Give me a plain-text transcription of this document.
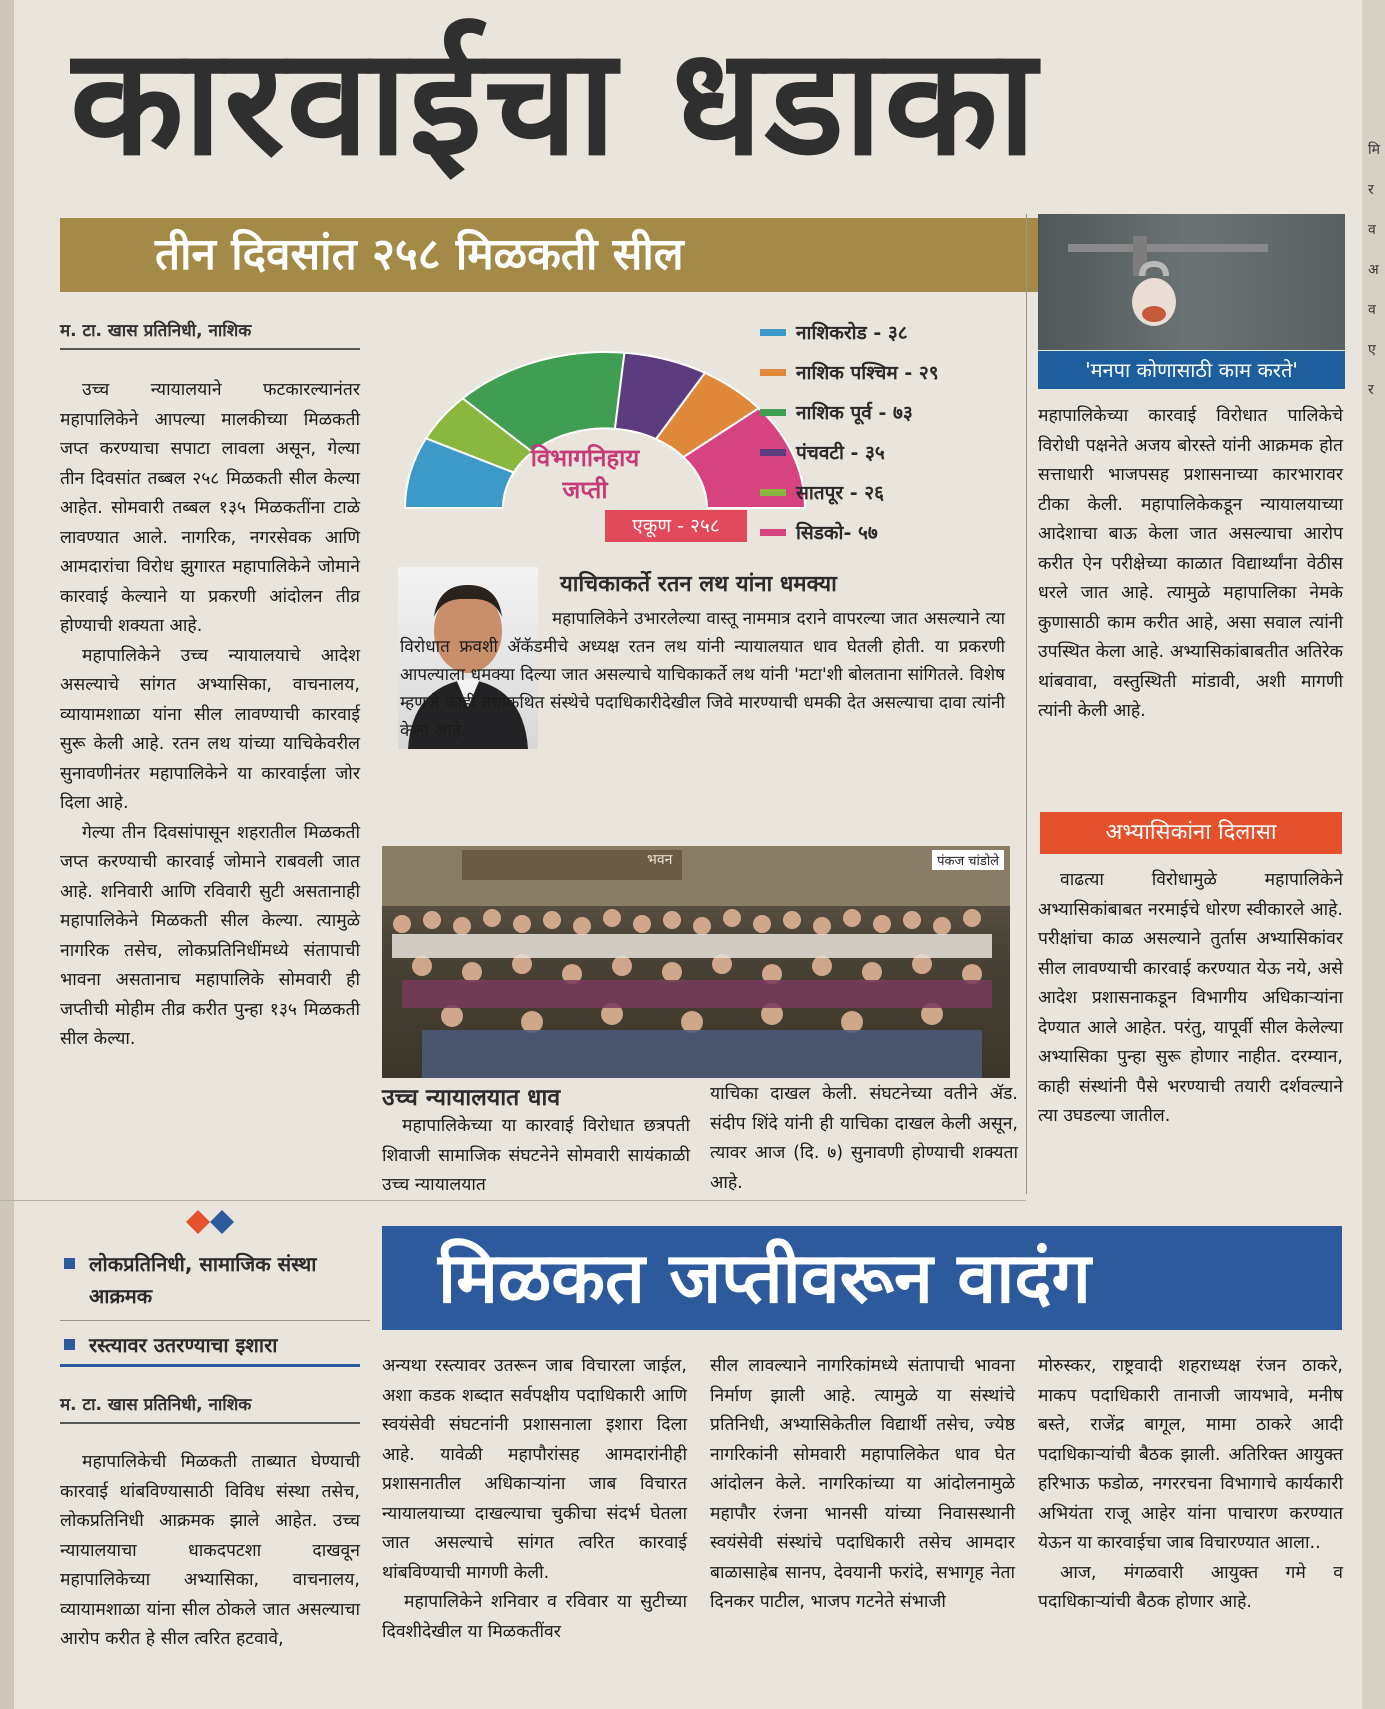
मि र व अ व ए र
कारवाईचा धडाका
तीन दिवसांत २५८ मिळकती सील
म. टा. खास प्रतिनिधी, नाशिक

उच्च न्यायालयाने फटकारल्यानंतर महापालिकेने आपल्या मालकीच्या मिळकती जप्त करण्याचा सपाटा लावला असून, गेल्या तीन दिवसांत तब्बल २५८ मिळकती सील केल्या आहेत. सोमवारी तब्बल १३५ मिळकतींना टाळे लावण्यात आले. नागरिक, नगरसेवक आणि आमदारांचा विरोध झुगारत महापालिकेने जोमाने कारवाई केल्याने या प्रकरणी आंदोलन तीव्र होण्याची शक्यता आहे.

महापालिकेने उच्च न्यायालयाचे आदेश असल्याचे सांगत अभ्यासिका, वाचनालय, व्यायामशाळा यांना सील लावण्याची कारवाई सुरू केली आहे. रतन लथ यांच्या याचिकेवरील सुनावणीनंतर महापालिकेने या कारवाईला जोर दिला आहे.

गेल्या तीन दिवसांपासून शहरातील मिळकती जप्त करण्याची कारवाई जोमाने राबवली जात आहे. शनिवारी आणि रविवारी सुटी असतानाही महापालिकेने मिळकती सील केल्या. त्यामुळे नागरिक तसेच, लोकप्रतिनिधींमध्ये संतापाची भावना असतानाच महापालिके सोमवारी ही जप्तीची मोहीम तीव्र करीत पुन्हा १३५ मिळकती सील केल्या.

विभागनिहाय जप्ती
एकूण - २५८
नाशिकरोड - ३८
नाशिक पश्चिम - २९
नाशिक पूर्व - ७३
पंचवटी - ३५
सातपूर - २६
सिडको- ५७
याचिकाकर्ते रतन लथ यांना धमक्या
महापालिकेने उभारलेल्या वास्तू नाममात्र दराने वापरल्या जात असल्याने त्या विरोधात फ्रवशी ॲकॅडमीचे अध्यक्ष रतन लथ यांनी न्यायालयात धाव घेतली होती. या प्रकरणी आपल्याला धमक्या दिल्या जात असल्याचे याचिकाकर्ते लथ यांनी 'मटा'शी बोलताना सांगितले. विशेष म्हणजे काही तथाकथित संस्थेचे पदाधिकारीदेखील जिवे मारण्याची धमकी देत असल्याचा दावा त्यांनी केला आहे.
भवन	पंकज चांडोले
उच्च न्यायालयात धाव
महापालिकेच्या या कारवाई विरोधात छत्रपती शिवाजी सामाजिक संघटनेने सोमवारी सायंकाळी उच्च न्यायालयात
याचिका दाखल केली. संघटनेच्या वतीने ॲड. संदीप शिंदे यांनी ही याचिका दाखल केली असून, त्यावर आज (दि. ७) सुनावणी होण्याची शक्यता आहे.
'मनपा कोणासाठी काम करते'
महापालिकेच्या कारवाई विरोधात पालिकेचे विरोधी पक्षनेते अजय बोरस्ते यांनी आक्रमक होत सत्ताधारी भाजपसह प्रशासनाच्या कारभारावर टीका केली. महापालिकेकडून न्यायालयाच्या आदेशाचा बाऊ केला जात असल्याचा आरोप करीत ऐन परीक्षेच्या काळात विद्यार्थ्यांना वेठीस धरले जात आहे. त्यामुळे महापालिका नेमके कुणासाठी काम करीत आहे, असा सवाल त्यांनी उपस्थित केला आहे. अभ्यासिकांबाबतीत अतिरेक थांबवावा, वस्तुस्थिती मांडावी, अशी मागणी त्यांनी केली आहे.
अभ्यासिकांना दिलासा
वाढत्या विरोधामुळे महापालिकेने अभ्यासिकांबाबत नरमाईचे धोरण स्वीकारले आहे. परीक्षांचा काळ असल्याने तुर्तास अभ्यासिकांवर सील लावण्याची कारवाई करण्यात येऊ नये, असे आदेश प्रशासनाकडून विभागीय अधिकाऱ्यांना देण्यात आले आहेत. परंतु, यापूर्वी सील केलेल्या अभ्यासिका पुन्हा सुरू होणार नाहीत. दरम्यान, काही संस्थांनी पैसे भरण्याची तयारी दर्शवल्याने त्या उघडल्या जातील.
लोकप्रतिनिधी, सामाजिक संस्था आक्रमक
रस्त्यावर उतरण्याचा इशारा
म. टा. खास प्रतिनिधी, नाशिक
मिळकत जप्तीवरून वादंग
महापालिकेची मिळकती ताब्यात घेण्याची कारवाई थांबविण्यासाठी विविध संस्था तसेच, लोकप्रतिनिधी आक्रमक झाले आहेत. उच्च न्यायालयाचा धाकदपटशा दाखवून महापालिकेच्या अभ्यासिका, वाचनालय, व्यायामशाळा यांना सील ठोकले जात असल्याचा आरोप करीत हे सील त्वरित हटवावे,

अन्यथा रस्त्यावर उतरून जाब विचारला जाईल, अशा कडक शब्दात सर्वपक्षीय पदाधिकारी आणि स्वयंसेवी संघटनांनी प्रशासनाला इशारा दिला आहे. यावेळी महापौरांसह आमदारांनीही प्रशासनातील अधिकाऱ्यांना जाब विचारत न्यायालयाच्या दाखल्याचा चुकीचा संदर्भ घेतला जात असल्याचे सांगत त्वरित कारवाई थांबविण्याची मागणी केली.

महापालिकेने शनिवार व रविवार या सुटीच्या दिवशीदेखील या मिळकतींवर

सील लावल्याने नागरिकांमध्ये संतापाची भावना निर्माण झाली आहे. त्यामुळे या संस्थांचे प्रतिनिधी, अभ्यासिकेतील विद्यार्थी तसेच, ज्येष्ठ नागरिकांनी सोमवारी महापालिकेत धाव घेत आंदोलन केले. नागरिकांच्या या आंदोलनामुळे महापौर रंजना भानसी यांच्या निवासस्थानी स्वयंसेवी संस्थांचे पदाधिकारी तसेच आमदार बाळासाहेब सानप, देवयानी फरांदे, सभागृह नेता दिनकर पाटील, भाजप गटनेते संभाजी

मोरुस्कर, राष्ट्रवादी शहराध्यक्ष रंजन ठाकरे, माकप पदाधिकारी तानाजी जायभावे, मनीष बस्ते, राजेंद्र बागूल, मामा ठाकरे आदी पदाधिकाऱ्यांची बैठक झाली. अतिरिक्त आयुक्त हरिभाऊ फडोळ, नगररचना विभागाचे कार्यकारी अभियंता राजू आहेर यांना पाचारण करण्यात येऊन या कारवाईचा जाब विचारण्यात आला..

आज, मंगळवारी आयुक्त गमे व पदाधिकाऱ्यांची बैठक होणार आहे.
